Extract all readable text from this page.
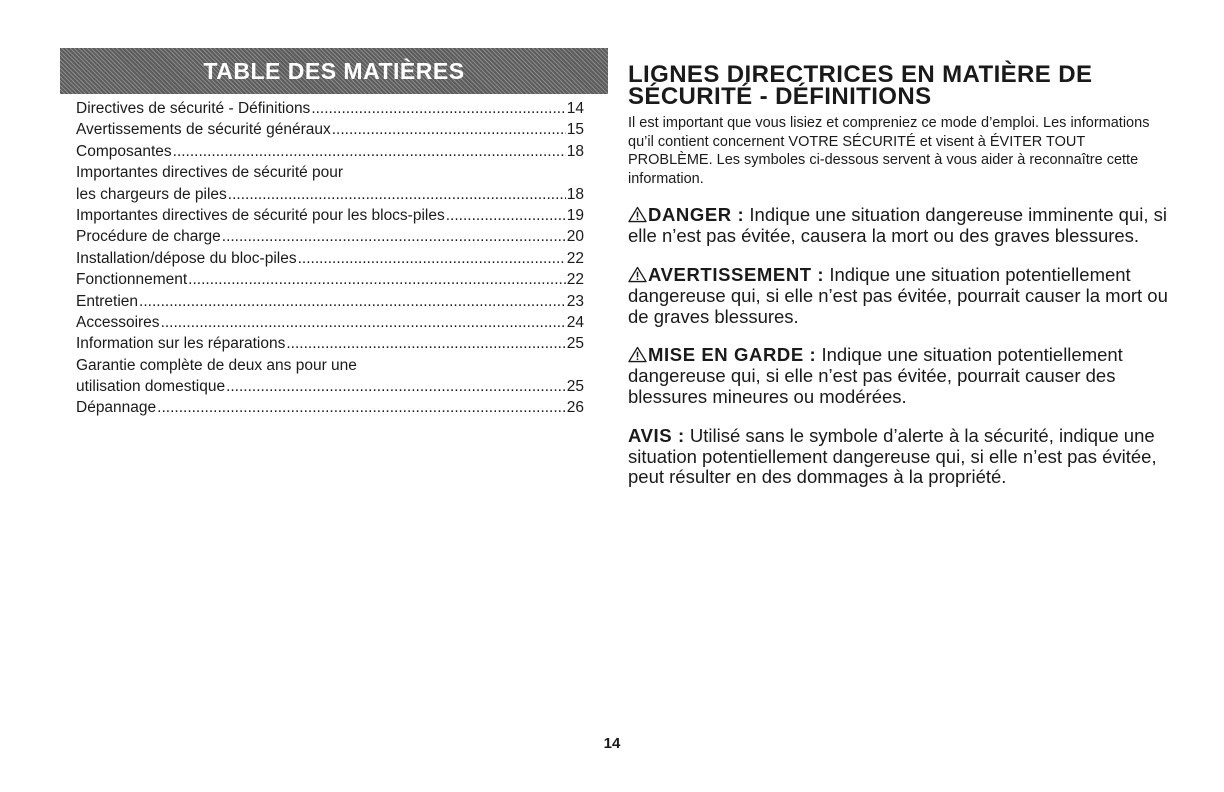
TABLE DES MATIÈRES
Directives de sécurité - Définitions .....	14
Avertissements de sécurité généraux .....	15
Composantes .....	18
Importantes directives de sécurité pour
les chargeurs de piles .....	18
Importantes directives de sécurité pour les blocs-piles .....	19
Procédure de charge .....	20
Installation/dépose du bloc-piles .....	22
Fonctionnement .....	22
Entretien .....	23
Accessoires .....	24
Information sur les réparations .....	25
Garantie complète de deux ans pour une
utilisation domestique .....	25
Dépannage .....	26
LIGNES DIRECTRICES EN MATIÈRE DE
SÉCURITÉ - DÉFINITIONS

Il est important que vous lisiez et compreniez ce mode d’emploi. Les informations qu’il contient concernent VOTRE SÉCURITÉ et visent à ÉVITER TOUT PROBLÈME. Les symboles ci-dessous servent à vous aider à reconnaître cette information.

DANGER : Indique une situation dangereuse imminente qui, si elle n’est pas évitée, causera la mort ou des graves blessures.

AVERTISSEMENT : Indique une situation potentiellement dangereuse qui, si elle n’est pas évitée, pourrait causer la mort ou de graves blessures.

MISE EN GARDE : Indique une situation potentiellement dangereuse qui, si elle n’est pas évitée, pourrait causer des blessures mineures ou modérées.

AVIS : Utilisé sans le symbole d’alerte à la sécurité, indique une situation potentiellement dangereuse qui, si elle n’est pas évitée, peut résulter en des dommages à la propriété.

14
